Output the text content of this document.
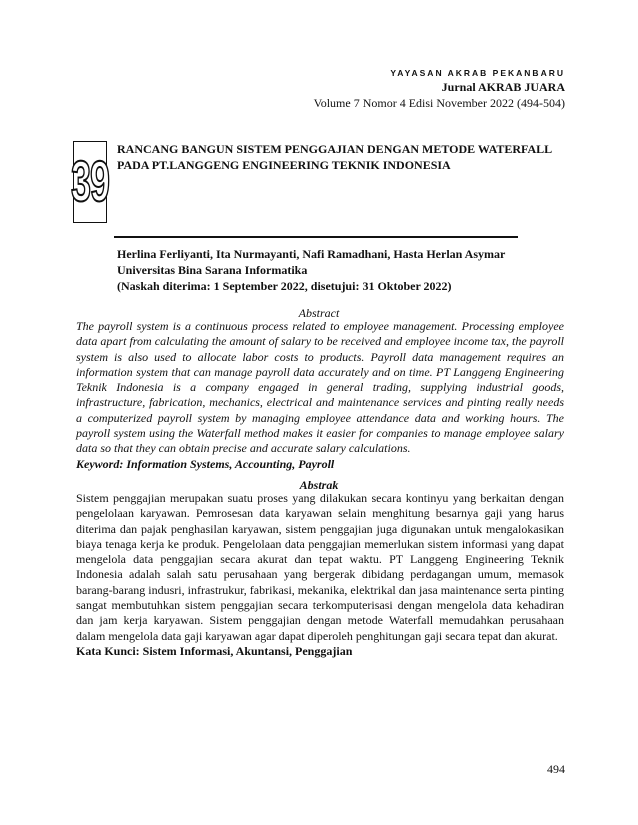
YAYASAN AKRAB PEKANBARU
Jurnal AKRAB JUARA
Volume 7 Nomor 4 Edisi November 2022 (494-504)
39 RANCANG BANGUN SISTEM PENGGAJIAN DENGAN METODE WATERFALL PADA PT.LANGGENG ENGINEERING TEKNIK INDONESIA
Herlina Ferliyanti, Ita Nurmayanti, Nafi Ramadhani, Hasta Herlan Asymar
Universitas Bina Sarana Informatika
(Naskah diterima: 1 September 2022, disetujui: 31 Oktober 2022)
Abstract
The payroll system is a continuous process related to employee management. Processing employee data apart from calculating the amount of salary to be received and employee income tax, the payroll system is also used to allocate labor costs to products. Payroll data management requires an information system that can manage payroll data accurately and on time. PT Langgeng Engineering Teknik Indonesia is a company engaged in general trading, supplying industrial goods, infrastructure, fabrication, mechanics, electrical and maintenance services and pinting really needs a computerized payroll system by managing employee attendance data and working hours. The payroll system using the Waterfall method makes it easier for companies to manage employee salary data so that they can obtain precise and accurate salary calculations.
Keyword: Information Systems, Accounting, Payroll
Abstrak
Sistem penggajian merupakan suatu proses yang dilakukan secara kontinyu yang berkaitan dengan pengelolaan karyawan. Pemrosesan data karyawan selain menghitung besarnya gaji yang harus diterima dan pajak penghasilan karyawan, sistem penggajian juga digunakan untuk mengalokasikan biaya tenaga kerja ke produk. Pengelolaan data penggajian memerlukan sistem informasi yang dapat mengelola data penggajian secara akurat dan tepat waktu. PT Langgeng Engineering Teknik Indonesia adalah salah satu perusahaan yang bergerak dibidang perdagangan umum, memasok barang-barang indusri, infrastrukur, fabrikasi, mekanika, elektrikal dan jasa maintenance serta pinting sangat membutuhkan sistem penggajian secara terkomputerisasi dengan mengelola data kehadiran dan jam kerja karyawan. Sistem penggajian dengan metode Waterfall memudahkan perusahaan dalam mengelola data gaji karyawan agar dapat diperoleh penghitungan gaji secara tepat dan akurat.
Kata Kunci: Sistem Informasi, Akuntansi, Penggajian
494
